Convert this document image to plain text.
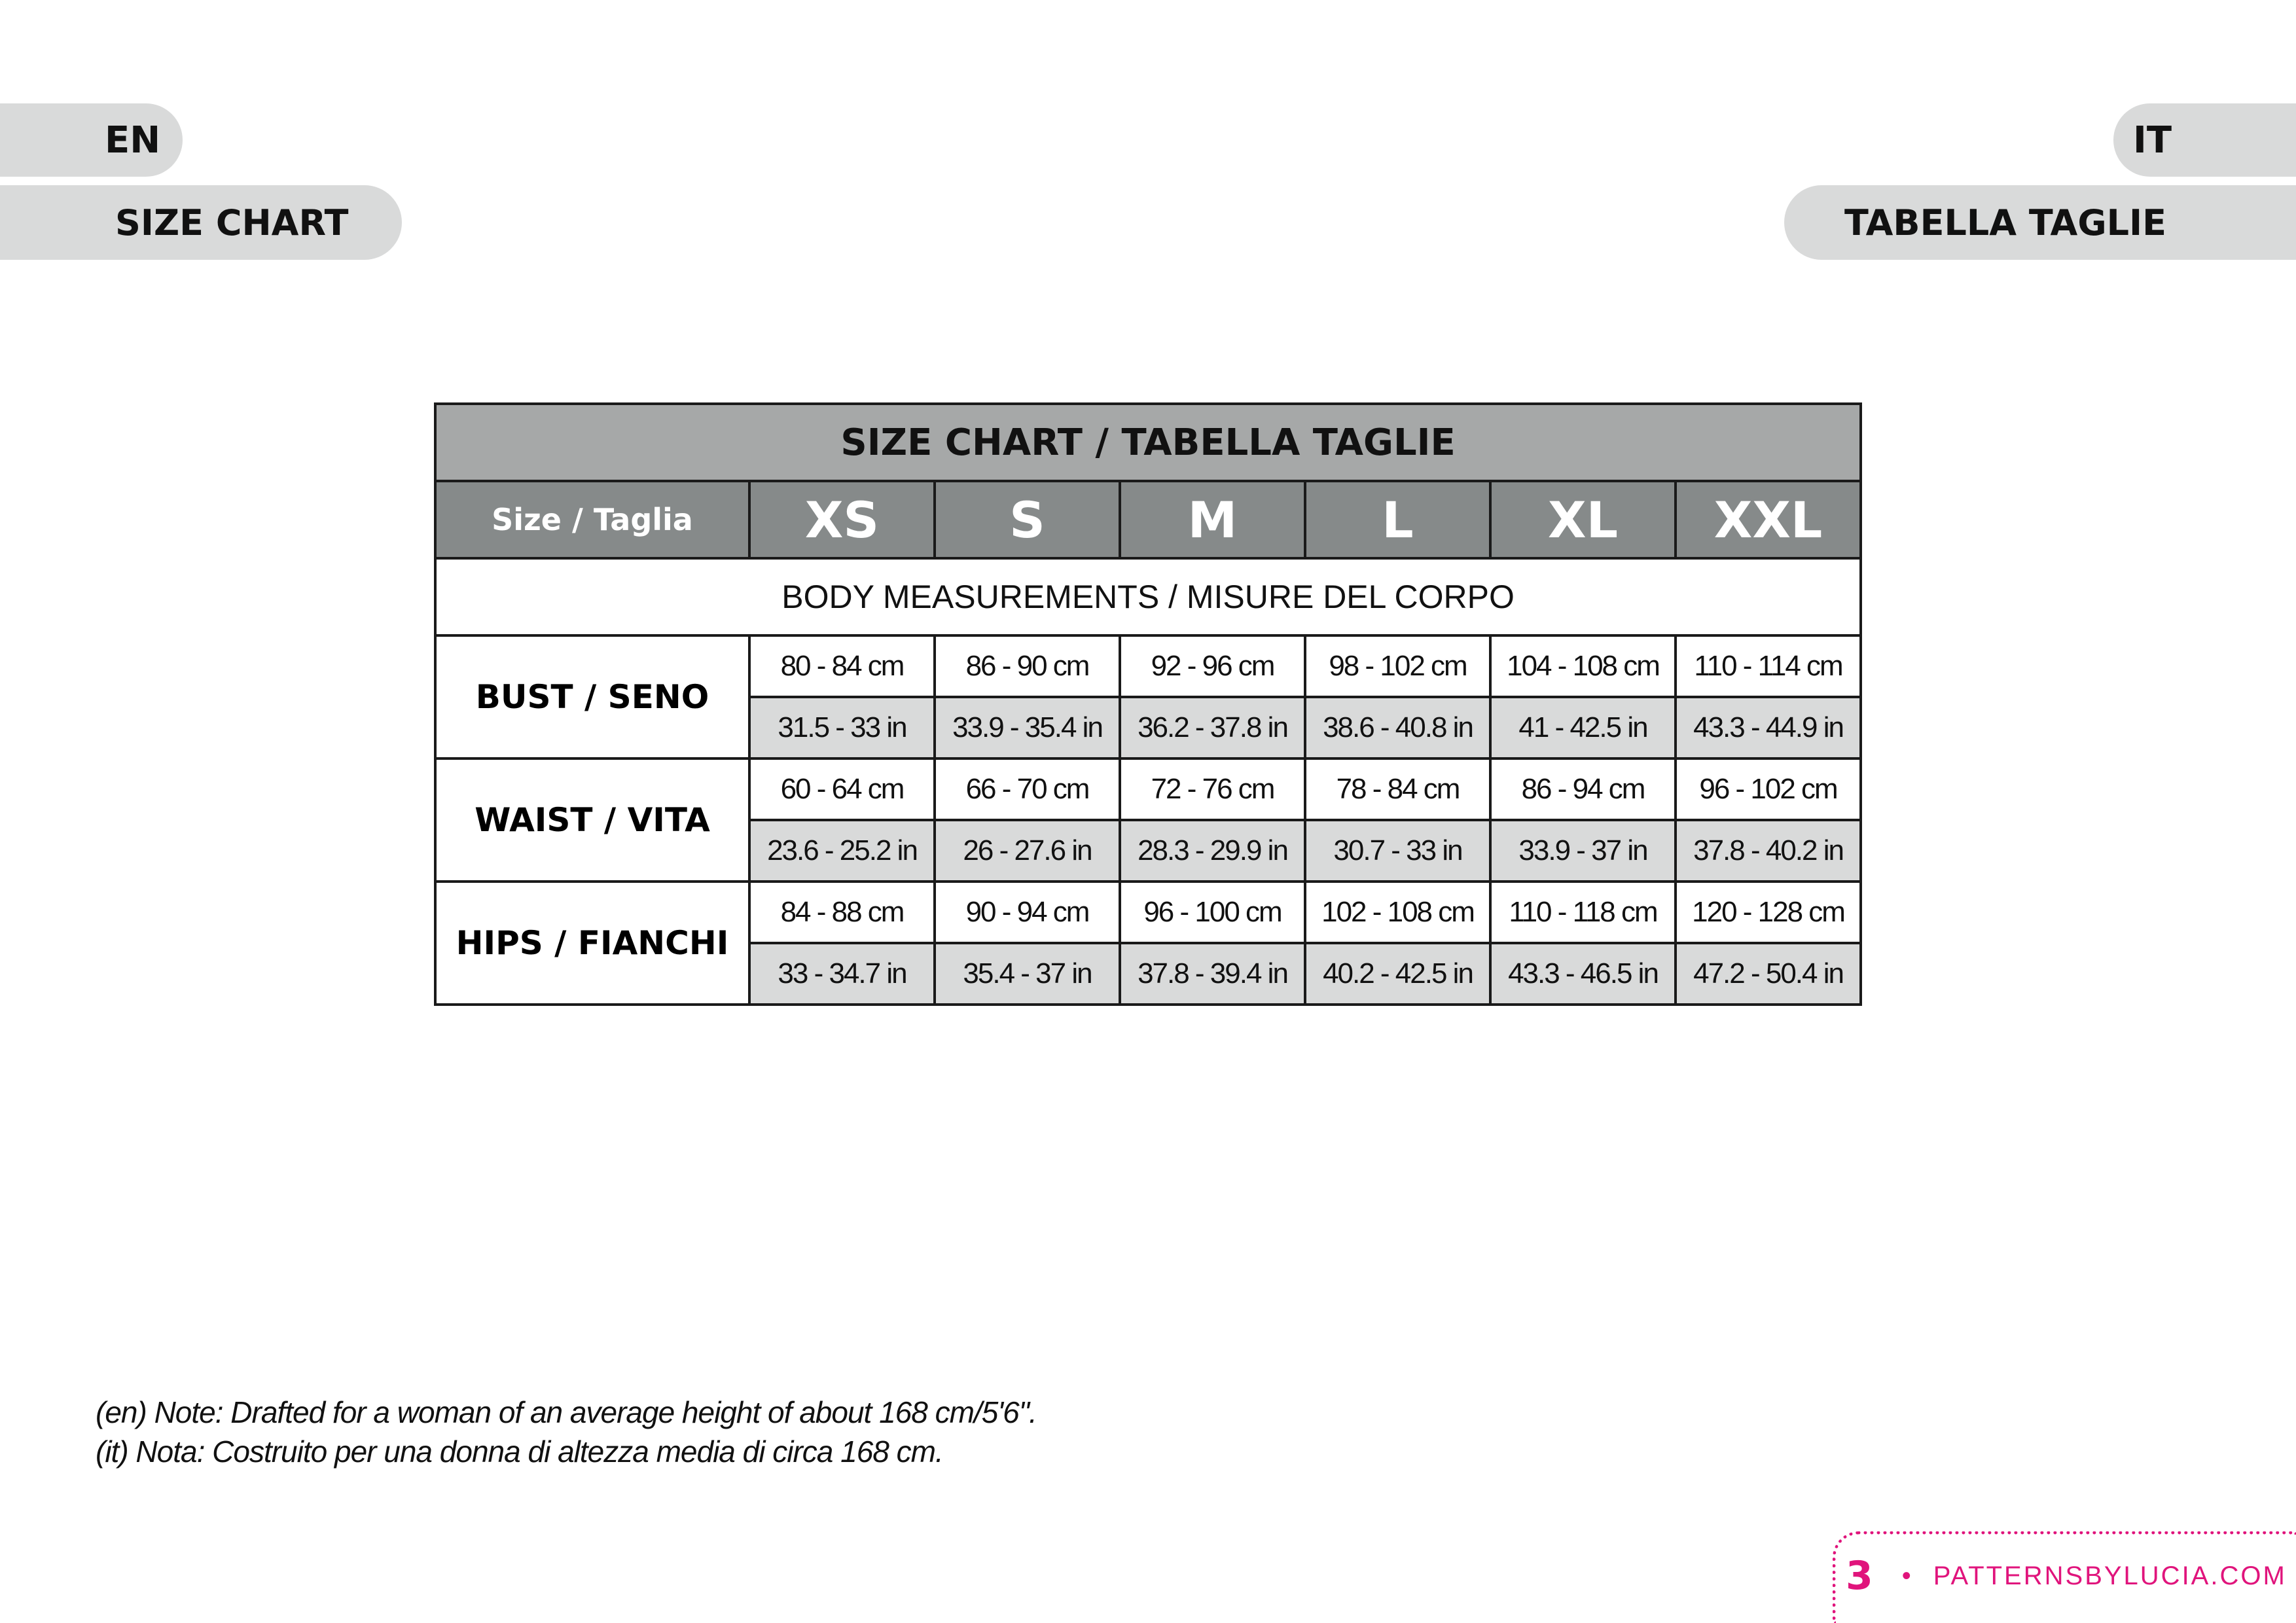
EN
SIZE CHART
IT
TABELLA TAGLIE
SIZE CHART / TABELLA TAGLIE						
Size / Taglia	XS	S	M	L	XL	XXL
BODY MEASUREMENTS / MISURE DEL CORPO						
BUST / SENO	80 - 84 cm	86 - 90 cm	92 - 96 cm	98 - 102 cm	104 - 108 cm	110 - 114 cm
	31.5 - 33 in	33.9 - 35.4 in	36.2 - 37.8 in	38.6 - 40.8 in	41 - 42.5 in	43.3 - 44.9 in
WAIST / VITA	60 - 64 cm	66 - 70 cm	72 - 76 cm	78 - 84 cm	86 - 94 cm	96 - 102 cm
	23.6 - 25.2 in	26 - 27.6 in	28.3 - 29.9 in	30.7 - 33 in	33.9 - 37 in	37.8 - 40.2 in
HIPS / FIANCHI	84 - 88 cm	90 - 94 cm	96 - 100 cm	102 - 108 cm	110 - 118 cm	120 - 128 cm
	33 - 34.7 in	35.4 - 37 in	37.8 - 39.4 in	40.2 - 42.5 in	43.3 - 46.5 in	47.2 - 50.4 in

(en) Note: Drafted for a woman of an average height of about 168 cm/5'6".

(it) Nota: Costruito per una donna di altezza media di circa 168 cm.

3 • PATTERNSBYLUCIA.COM
